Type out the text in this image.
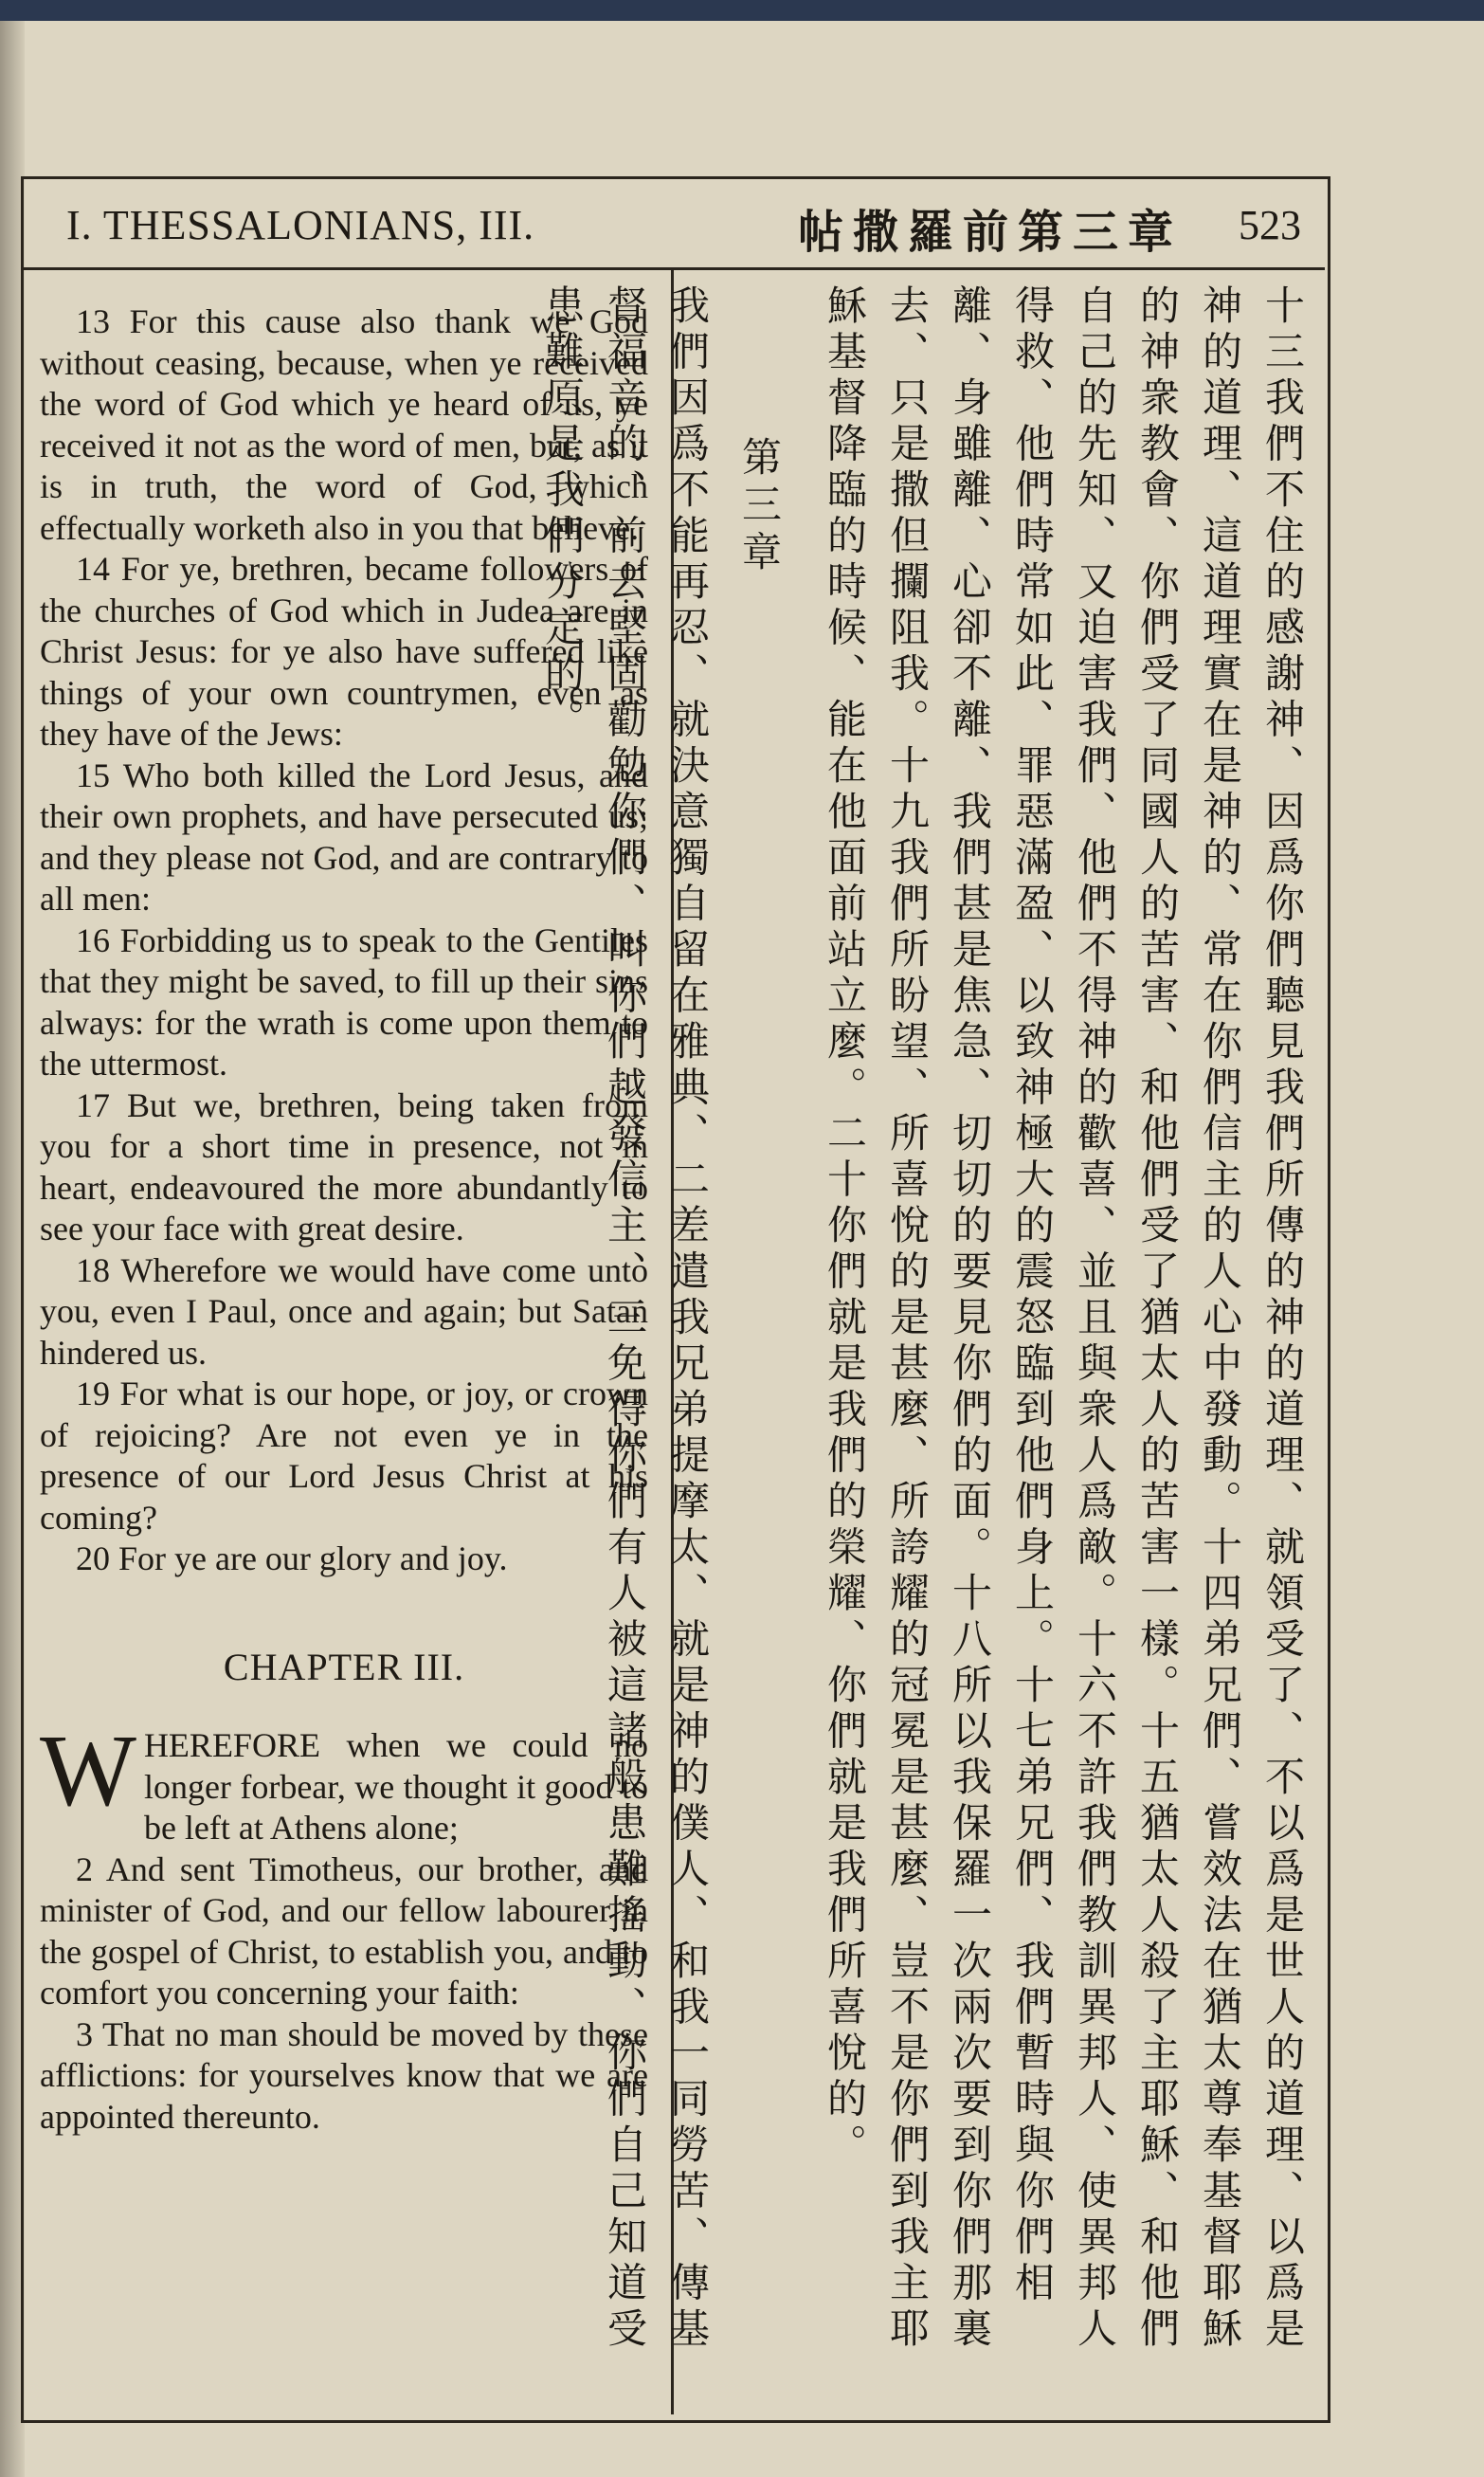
I. THESSALONIANS, III.	帖撒羅前第三章 523

13 For this cause also thank we God without ceasing, because, when ye received the word of God which ye heard of us, ye received it not as the word of men, but, as it is in truth, the word of God, which effectually worketh also in you that believe.

14 For ye, brethren, became followers of the churches of God which in Judea are in Christ Jesus: for ye also have suffered like things of your own countrymen, even as they have of the Jews:

15 Who both killed the Lord Jesus, and their own prophets, and have persecuted us; and they please not God, and are contrary to all men:

16 Forbidding us to speak to the Gentiles that they might be saved, to fill up their sins always: for the wrath is come upon them to the uttermost.

17 But we, brethren, being taken from you for a short time in presence, not in heart, endeavoured the more abundantly to see your face with great desire.

18 Wherefore we would have come unto you, even I Paul, once and again; but Satan hindered us.

19 For what is our hope, or joy, or crown of rejoicing? Are not even ye in the presence of our Lord Jesus Christ at his coming?

20 For ye are our glory and joy.

CHAPTER III.

WHEREFORE when we could no longer forbear, we thought it good to be left at Athens alone;

2 And sent Timotheus, our brother, and minister of God, and our fellow labourer in the gospel of Christ, to establish you, and to comfort you concerning your faith:

3 That no man should be moved by these afflictions: for yourselves know that we are appointed thereunto.	十三我們不住的感謝神、因爲你們聽見我們所傳的神的道理、就領受了、不以爲是世人的道理、以爲是神的道理、這道理實在是神的、常在你們信主的人心中發動。十四弟兄們、嘗效法在猶太尊奉基督耶穌的神衆教會、你們受了同國人的苦害、和他們受了猶太人的苦害一樣。十五猶太人殺了主耶穌、和他們自己的先知、又迫害我們、他們不得神的歡喜、並且與衆人爲敵。十六不許我們教訓異邦人、使異邦人得救、他們時常如此、罪惡滿盈、以致神極大的震怒臨到他們身上。十七弟兄們、我們暫時與你們相離、身雖離、心卻不離、我們甚是焦急、切切的要見你們的面。十八所以我保羅一次兩次要到你們那裏去、只是撒但攔阻我。十九我們所盼望、所喜悅的是甚麼、所誇耀的冠冕是甚麼、豈不是你們到我主耶穌基督降臨的時候、能在他面前站立麼。二十你們就是我們的榮耀、你們就是我們所喜悅的。
第三章
我們因爲不能再忍、就決意獨自留在雅典、二差遣我兄弟提摩太、就是神的僕人、和我一同勞苦、傳基督福音的、前去堅固勸勉你們、叫你們越發信主、三免得你們有人被這諸般患難搖動、你們自己知道受患難原是我們分定的。
